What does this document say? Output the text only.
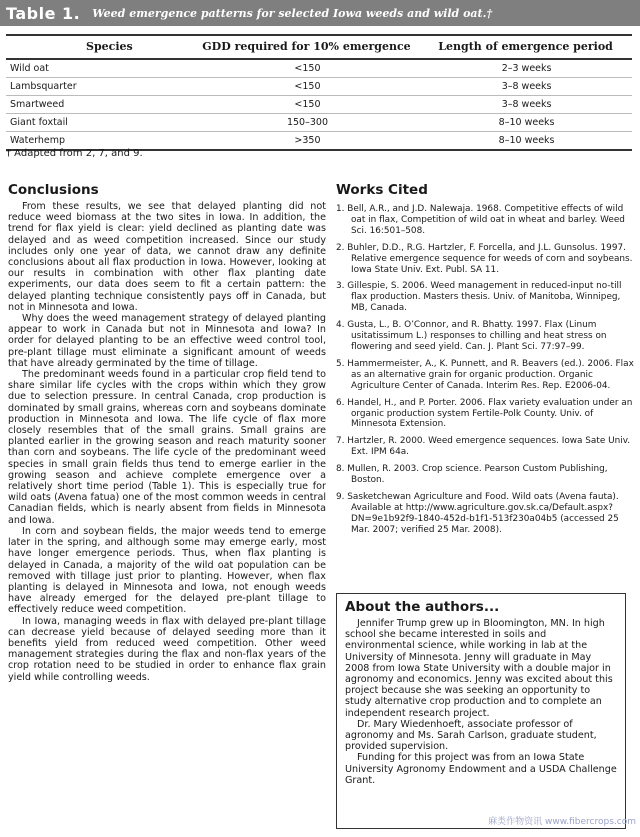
Table 1. Weed emergence patterns for selected Iowa weeds and wild oat.†
Species	GDD required for 10% emergence	Length of emergence period
Wild oat	<150	2–3 weeks
Lambsquarter	<150	3–8 weeks
Smartweed	<150	3–8 weeks
Giant foxtail	150–300	8–10 weeks
Waterhemp	>350	8–10 weeks
† Adapted from 2, 7, and 9.
Conclusions

From these results, we see that delayed planting did not reduce weed biomass at the two sites in Iowa. In addition, the trend for flax yield is clear: yield declined as planting date was delayed and as weed competition increased. Since our study includes only one year of data, we cannot draw any definite conclusions about all flax production in Iowa. However, looking at our results in combination with other flax planting date experiments, our data does seem to fit a certain pattern: the delayed planting technique consistently pays off in Canada, but not in Minnesota and Iowa.

Why does the weed management strategy of delayed planting appear to work in Canada but not in Minnesota and Iowa? In order for delayed planting to be an effective weed control tool, pre-plant tillage must eliminate a significant amount of weeds that have already germinated by the time of tillage.

The predominant weeds found in a particular crop field tend to share similar life cycles with the crops within which they grow due to selection pressure. In central Canada, crop production is dominated by small grains, whereas corn and soybeans dominate production in Minnesota and Iowa. The life cycle of flax more closely resembles that of the small grains. Small grains are planted earlier in the growing season and reach maturity sooner than corn and soybeans. The life cycle of the predominant weed species in small grain fields thus tend to emerge earlier in the growing season and achieve complete emergence over a relatively short time period (Table 1). This is especially true for wild oats (Avena fatua) one of the most common weeds in central Canadian fields, which is nearly absent from fields in Minnesota and Iowa.

In corn and soybean fields, the major weeds tend to emerge later in the spring, and although some may emerge early, most have longer emergence periods. Thus, when flax planting is delayed in Canada, a majority of the wild oat population can be removed with tillage just prior to planting. However, when flax planting is delayed in Minnesota and Iowa, not enough weeds have already emerged for the delayed pre-plant tillage to effectively reduce weed competition.

In Iowa, managing weeds in flax with delayed pre-plant tillage can decrease yield because of delayed seeding more than it benefits yield from reduced weed competition. Other weed management strategies during the flax and non-flax years of the crop rotation need to be studied in order to enhance flax grain yield while controlling weeds.

Works Cited
1. Bell, A.R., and J.D. Nalewaja. 1968. Competitive effects of wild oat in flax, Competition of wild oat in wheat and barley. Weed Sci. 16:501–508.
2. Buhler, D.D., R.G. Hartzler, F. Forcella, and J.L. Gunsolus. 1997. Relative emergence sequence for weeds of corn and soybeans. Iowa State Univ. Ext. Publ. SA 11.
3. Gillespie, S. 2006. Weed management in reduced-input no-till flax production. Masters thesis. Univ. of Manitoba, Winnipeg, MB, Canada.
4. Gusta, L., B. O’Connor, and R. Bhatty. 1997. Flax (Linum usitatissimum L.) responses to chilling and heat stress on flowering and seed yield. Can. J. Plant Sci. 77:97–99.
5. Hammermeister, A., K. Punnett, and R. Beavers (ed.). 2006. Flax as an alternative grain for organic production. Organic Agriculture Center of Canada. Interim Res. Rep. E2006-04.
6. Handel, H., and P. Porter. 2006. Flax variety evaluation under an organic production system Fertile-Polk County. Univ. of Minnesota Extension.
7. Hartzler, R. 2000. Weed emergence sequences. Iowa Sate Univ. Ext. IPM 64a.
8. Mullen, R. 2003. Crop science. Pearson Custom Publishing, Boston.
9. Sasketchewan Agriculture and Food. Wild oats (Avena fauta). Available at http://www.agriculture.gov.sk.ca/Default.aspx?DN=9e1b92f9-1840-452d-b1f1-513f230a04b5 (accessed 25 Mar. 2007; verified 25 Mar. 2008).
About the authors...

Jennifer Trump grew up in Bloomington, MN. In high school she became interested in soils and environmental science, while working in lab at the University of Minnesota. Jenny will graduate in May 2008 from Iowa State University with a double major in agronomy and economics. Jenny was excited about this project because she was seeking an opportunity to study alternative crop production and to complete an independent research project.

Dr. Mary Wiedenhoeft, associate professor of agronomy and Ms. Sarah Carlson, graduate student, provided supervision.

Funding for this project was from an Iowa State University Agronomy Endowment and a USDA Challenge Grant.

麻类作物资讯 www.fibercrops.com
